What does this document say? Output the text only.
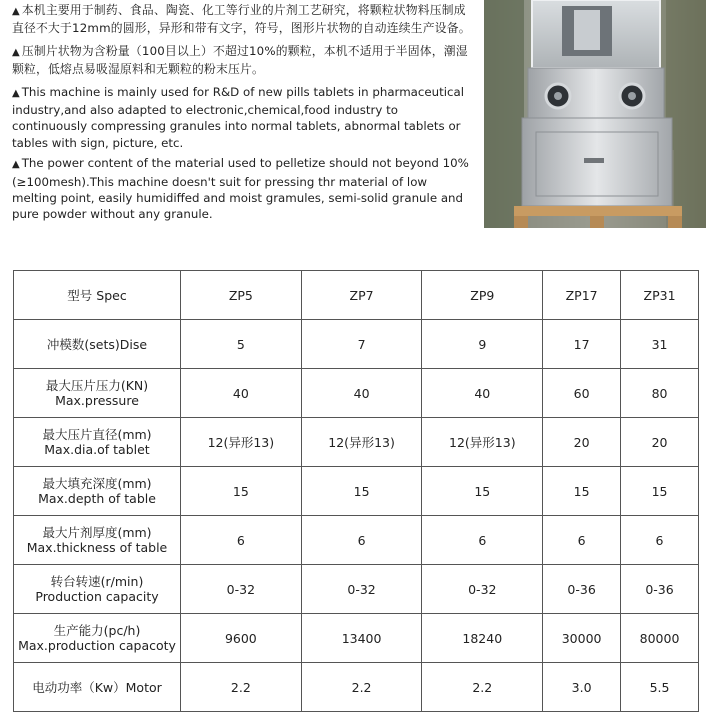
▲ 本机主要用于制药、食品、陶瓷、化工等行业的片剂工艺研究，将颗粒状物料压制成直径不大于12mm的圆形，异形和带有文字，符号，图形片状物的自动连续生产设备。

▲ 压制片状物为含粉量（100目以上）不超过10%的颗粒，本机不适用于半固体，潮湿颗粒，低熔点易吸湿原料和无颗粒的粉末压片。

▲ This machine is mainly used for R&D of new pills tablets in pharmaceutical industry,and also adapted to electronic,chemical,food industry to continuously compressing granules into normal tablets, abnormal tablets or tables with sign, picture, etc.

▲ The power content of the material used to pelletize should not beyond 10%(≥100mesh).This machine doesn't suit for pressing thr material of low melting point, easily humidiffed and moist gramules, semi-solid granule and pure powder without any granule.

型号 Spec	ZP5	ZP7	ZP9	ZP17	ZP31
冲模数(sets)Dise	5	7	9	17	31
最大压片压力(KN)
Max.pressure	40	40	40	60	80
最大压片直径(mm)
Max.dia.of tablet	12(异形13)	12(异形13)	12(异形13)	20	20
最大填充深度(mm)
Max.depth of table	15	15	15	15	15
最大片剂厚度(mm)
Max.thickness of table	6	6	6	6	6
转台转速(r/min)
Production capacity	0-32	0-32	0-32	0-36	0-36
生产能力(pc/h)
Max.production capacoty	9600	13400	18240	30000	80000
电动功率（Kw）Motor	2.2	2.2	2.2	3.0	5.5
